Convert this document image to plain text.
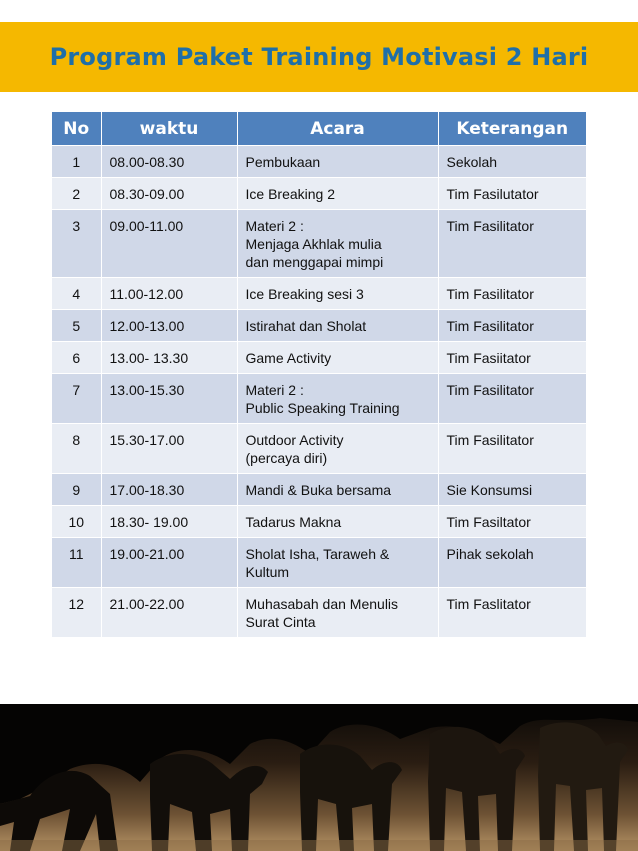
Program Paket Training Motivasi 2 Hari
No	waktu	Acara	Keterangan
1	08.00-08.30	Pembukaan	Sekolah
2	08.30-09.00	Ice Breaking 2	Tim Fasilutator
3	09.00-11.00	Materi 2 :
Menjaga Akhlak mulia
dan menggapai mimpi	Tim Fasilitator
4	11.00-12.00	Ice Breaking sesi 3	Tim Fasilitator
5	12.00-13.00	Istirahat dan Sholat	Tim Fasilitator
6	13.00- 13.30	Game Activity	Tim Fasiitator
7	13.00-15.30	Materi 2 :
Public Speaking Training	Tim Fasilitator
8	15.30-17.00	Outdoor Activity
(percaya diri)	Tim Fasilitator
9	17.00-18.30	Mandi & Buka bersama	Sie Konsumsi
10	18.30- 19.00	Tadarus Makna	Tim Fasiltator
11	19.00-21.00	Sholat Isha, Taraweh &
Kultum	Pihak sekolah
12	21.00-22.00	Muhasabah dan Menulis
Surat Cinta	Tim Faslitator
